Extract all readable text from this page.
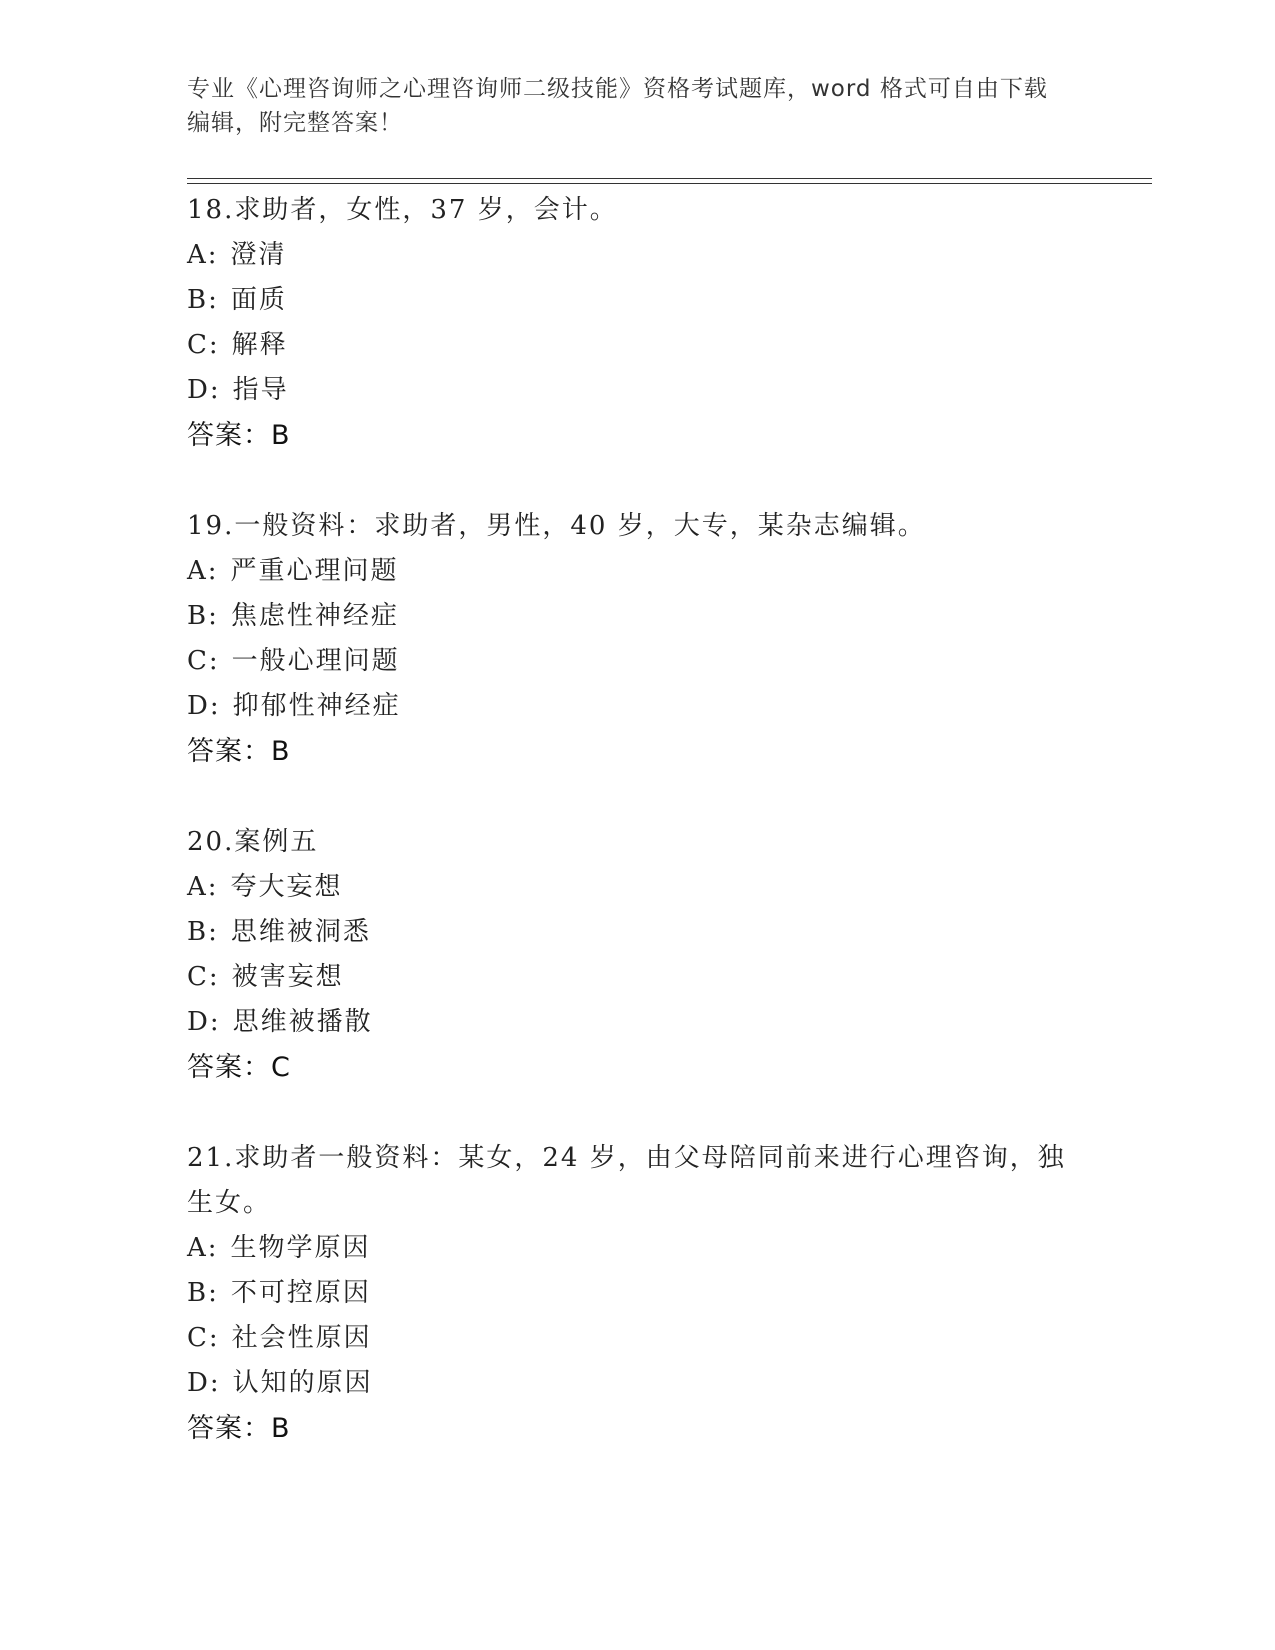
专业《心理咨询师之心理咨询师二级技能》资格考试题库，word 格式可自由下载
编辑，附完整答案！
18.求助者，女性，37 岁，会计。
A: 澄清
B: 面质
C: 解释
D: 指导
答案：B
19.一般资料：求助者，男性，40 岁，大专，某杂志编辑。
A: 严重心理问题
B: 焦虑性神经症
C: 一般心理问题
D: 抑郁性神经症
答案：B
20.案例五
A: 夸大妄想
B: 思维被洞悉
C: 被害妄想
D: 思维被播散
答案：C
21.求助者一般资料：某女，24 岁，由父母陪同前来进行心理咨询，独生女。
A: 生物学原因
B: 不可控原因
C: 社会性原因
D: 认知的原因
答案：B
